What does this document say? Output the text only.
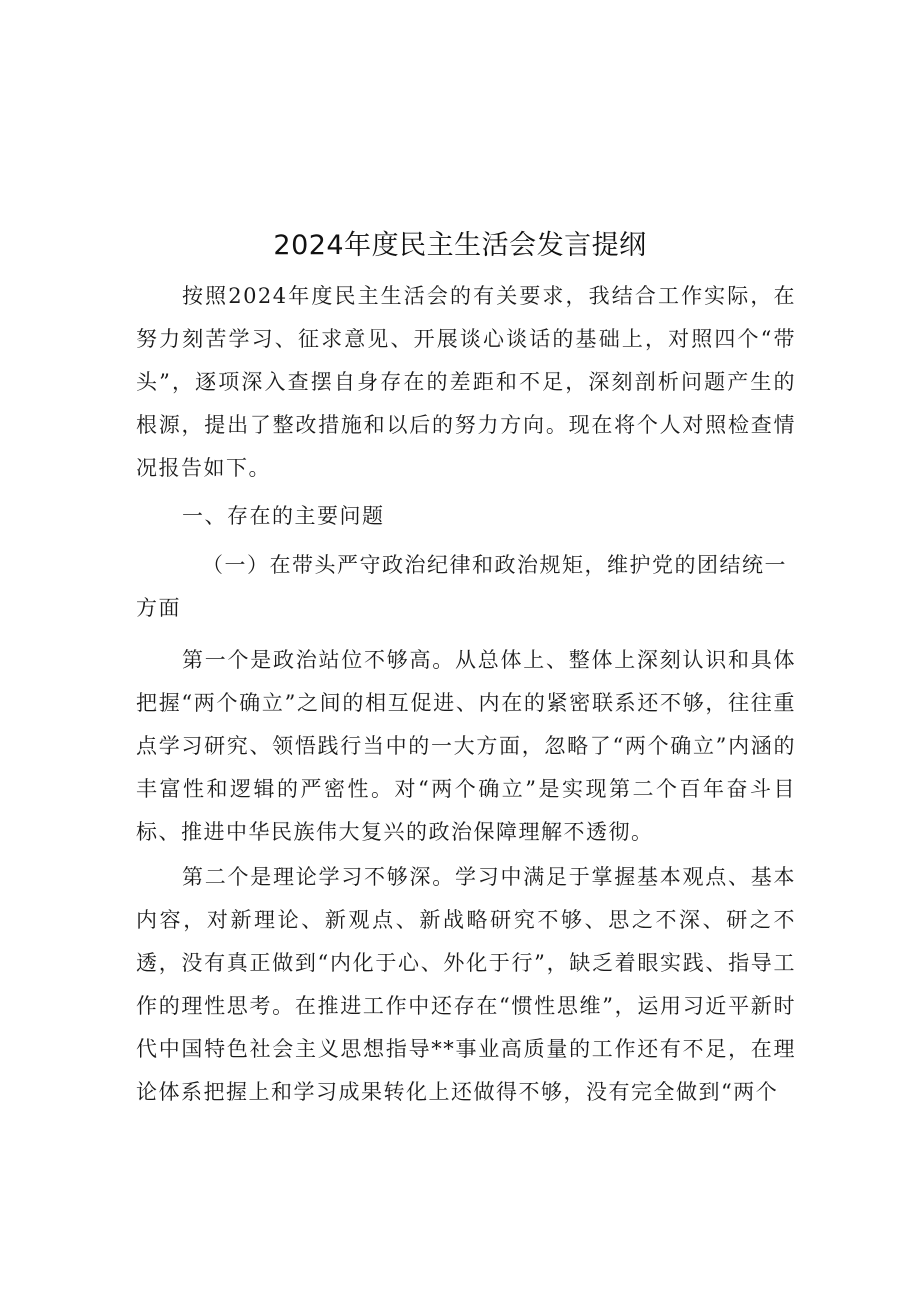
2024年度民主生活会发言提纲

按照2024年度民主生活会的有关要求，我结合工作实际，在努力刻苦学习、征求意见、开展谈心谈话的基础上，对照四个“带头”，逐项深入查摆自身存在的差距和不足，深刻剖析问题产生的根源，提出了整改措施和以后的努力方向。现在将个人对照检查情况报告如下。

一、存在的主要问题

（一）在带头严守政治纪律和政治规矩，维护党的团结统一方面

第一个是政治站位不够高。从总体上、整体上深刻认识和具体把握“两个确立”之间的相互促进、内在的紧密联系还不够，往往重点学习研究、领悟践行当中的一大方面，忽略了“两个确立”内涵的丰富性和逻辑的严密性。对“两个确立”是实现第二个百年奋斗目标、推进中华民族伟大复兴的政治保障理解不透彻。

第二个是理论学习不够深。学习中满足于掌握基本观点、基本内容，对新理论、新观点、新战略研究不够、思之不深、研之不透，没有真正做到“内化于心、外化于行”，缺乏着眼实践、指导工作的理性思考。在推进工作中还存在“惯性思维”，运用习近平新时代中国特色社会主义思想指导**事业高质量的工作还有不足，在理论体系把握上和学习成果转化上还做得不够，没有完全做到“两个
